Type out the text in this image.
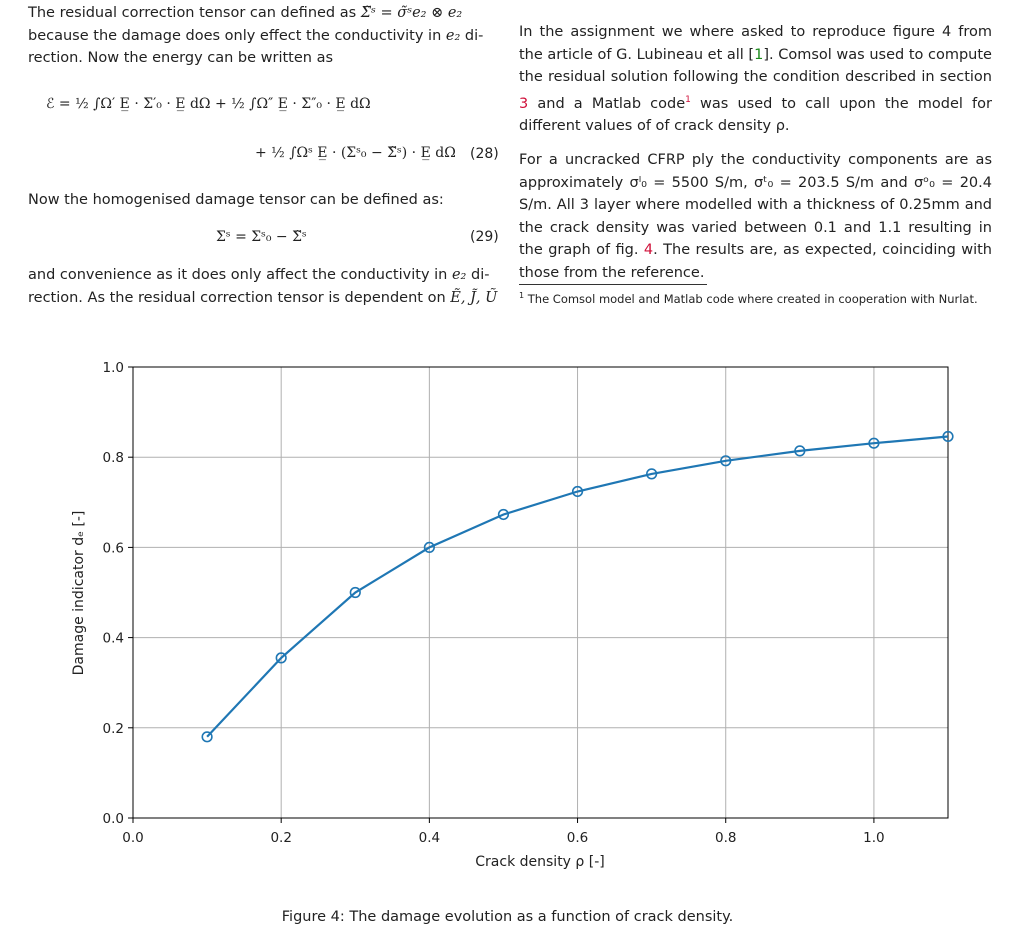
The residual correction tensor can defined as Σ̃ˢ = σ̃ˢe₂ ⊗ e₂
because the damage does only effect the conductivity in e₂ di-
rection. Now the energy can be written as

ℰ = ½ ∫Ω′ E̲ · Σ′₀ · E̲ dΩ + ½ ∫Ω″ E̲ · Σ″₀ · E̲ dΩ
+ ½ ∫Ωˢ E̲ · (Σˢ₀ − Σ̃ˢ) · E̲ dΩ (28)
Now the homogenised damage tensor can be defined as:
Σˢ = Σˢ₀ − Σ̃ˢ	(29)
and convenience as it does only affect the conductivity in e₂ di-
rection. As the residual correction tensor is dependent on Ẽ, J̃, Ũ

In the assignment we where asked to reproduce figure 4 from the article of G. Lubineau et all [1]. Comsol was used to compute the residual solution following the condition described in section 3 and a Matlab code$^1$ was used to call upon the model for different values of of crack density ρ.

For a uncracked CFRP ply the conductivity components are as approximately σˡ₀ = 5500 S/m, σᵗ₀ = 203.5 S/m and σᵒ₀ = 20.4 S/m. All 3 layer where modelled with a thickness of 0.25mm and the crack density was varied between 0.1 and 1.1 resulting in the graph of fig. 4. The results are, as expected, coinciding with those from the reference.

$^1$ The Comsol model and Matlab code where created in cooperation with Nurlat.
0.0	0.2	0.4	0.6	0.8	1.0
0.0
0.2
0.4
0.6
0.8
1.0
Crack density ρ [-]
Damage indicator dₑ [-]
Figure 4: The damage evolution as a function of crack density.
